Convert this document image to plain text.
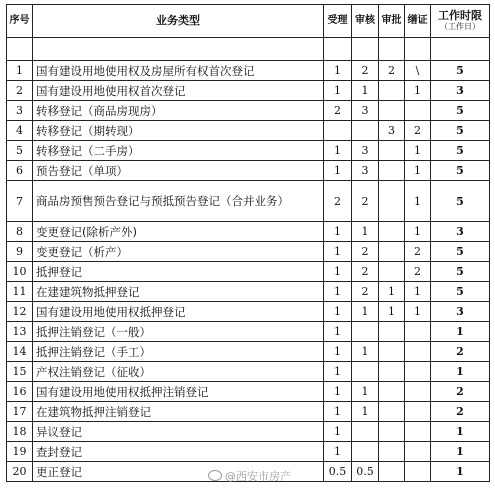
序号	业务类型	受理	审核	审批	缮证	工作时限
（工作日）

1	国有建设用地使用权及房屋所有权首次登记	1	2	2	\	5
2	国有建设用地使用权首次登记	1	1		1	3
3	转移登记（商品房现房）	2	3			5
4	转移登记（期转现）			3	2	5
5	转移登记（二手房）	1	3		1	5
6	预告登记（单项）	1	3		1	5
7	商品房预售预告登记与预抵预告登记（合并业务）	2	2		1	5
8	变更登记(除析产外)	1	1		1	3
9	变更登记（析产）	1	2		2	5
10	抵押登记	1	2		2	5
11	在建建筑物抵押登记	1	2	1	1	5
12	国有建设用地使用权抵押登记	1	1	1	1	3
13	抵押注销登记（一般）	1				1
14	抵押注销登记（手工）	1	1			2
15	产权注销登记（征收）	1				1
16	国有建设用地使用权抵押注销登记	1	1			2
17	在建筑物抵押注销登记	1	1			2
18	异议登记	1				1
19	查封登记	1				1
20	更正登记	0.5	0.5			1
@西安市房产
